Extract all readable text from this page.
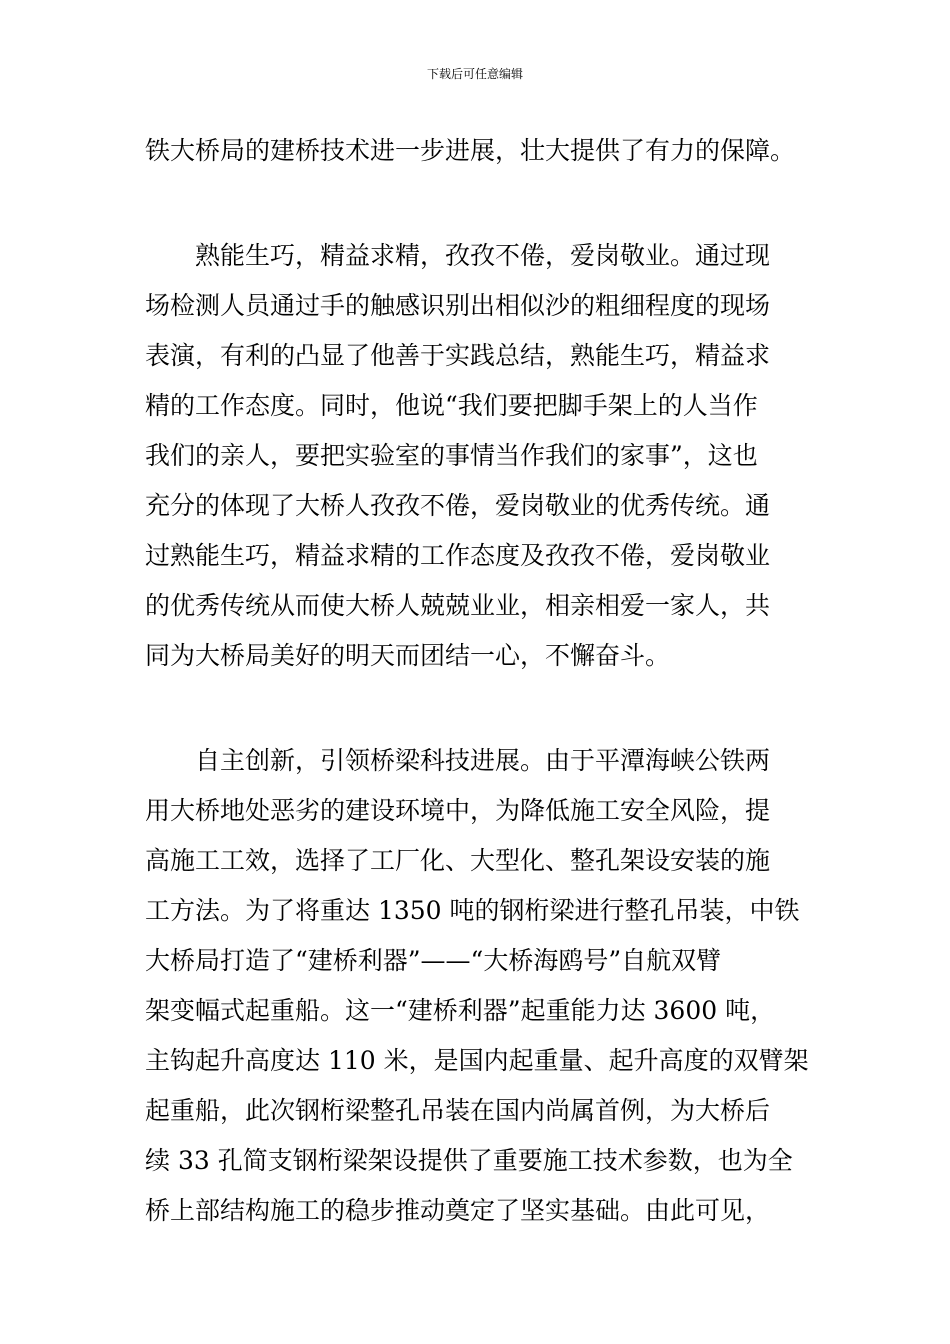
下载后可任意编辑
铁大桥局的建桥技术进一步进展，壮大提供了有力的保障。
熟能生巧，精益求精，孜孜不倦，爱岗敬业。通过现
场检测人员通过手的触感识别出相似沙的粗细程度的现场
表演，有利的凸显了他善于实践总结，熟能生巧，精益求
精的工作态度。同时，他说“我们要把脚手架上的人当作
我们的亲人，要把实验室的事情当作我们的家事”，这也
充分的体现了大桥人孜孜不倦，爱岗敬业的优秀传统。通
过熟能生巧，精益求精的工作态度及孜孜不倦，爱岗敬业
的优秀传统从而使大桥人兢兢业业，相亲相爱一家人，共
同为大桥局美好的明天而团结一心，不懈奋斗。
自主创新，引领桥梁科技进展。由于平潭海峡公铁两
用大桥地处恶劣的建设环境中，为降低施工安全风险，提
高施工工效，选择了工厂化、大型化、整孔架设安装的施
工方法。为了将重达 1350 吨的钢桁梁进行整孔吊装，中铁
大桥局打造了“建桥利器”——“大桥海鸥号”自航双臂
架变幅式起重船。这一“建桥利器”起重能力达 3600 吨，
主钩起升高度达 110 米，是国内起重量、起升高度的双臂架
起重船，此次钢桁梁整孔吊装在国内尚属首例，为大桥后
续 33 孔简支钢桁梁架设提供了重要施工技术参数，也为全
桥上部结构施工的稳步推动奠定了坚实基础。由此可见，
